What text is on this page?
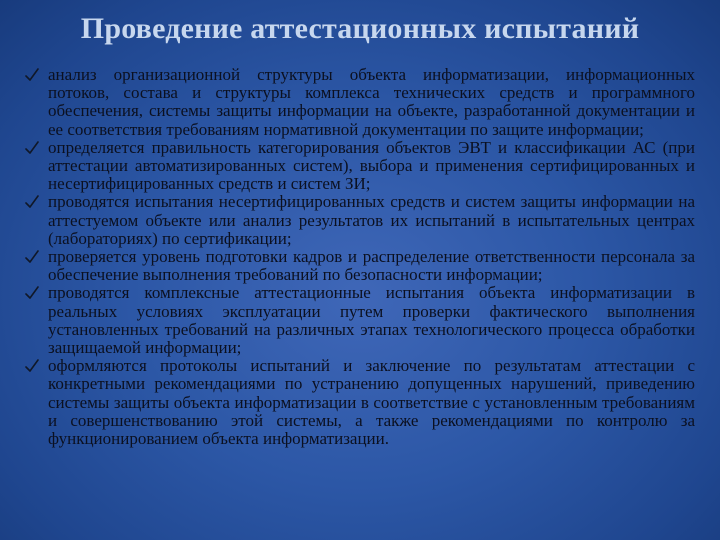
Проведение аттестационных испытаний
анализ организационной структуры объекта информатизации, информационных потоков, состава и структуры комплекса технических средств и программного обеспечения, системы защиты информации на объекте, разработанной документации и ее соответствия требованиям нормативной документации по защите информации;
определяется правильность категорирования объектов ЭВТ и классификации АС (при аттестации автоматизированных систем), выбора и применения сертифицированных и несертифицированных средств и систем ЗИ;
проводятся испытания несертифицированных средств и систем защиты информации на аттестуемом объекте или анализ результатов их испытаний в испытательных центрах (лабораториях) по сертификации;
проверяется уровень подготовки кадров и распределение ответственности персонала за обеспечение выполнения требований по безопасности информации;
проводятся комплексные аттестационные испытания объекта информатизации в реальных условиях эксплуатации путем проверки фактического выполнения установленных требований на различных этапах технологического процесса обработки защищаемой информации;
оформляются протоколы испытаний и заключение по результатам аттестации с конкретными рекомендациями по устранению допущенных нарушений, приведению системы защиты объекта информатизации в соответствие с установленным требованиям и совершенствованию этой системы, а также рекомендациями по контролю за функционированием объекта информатизации.
